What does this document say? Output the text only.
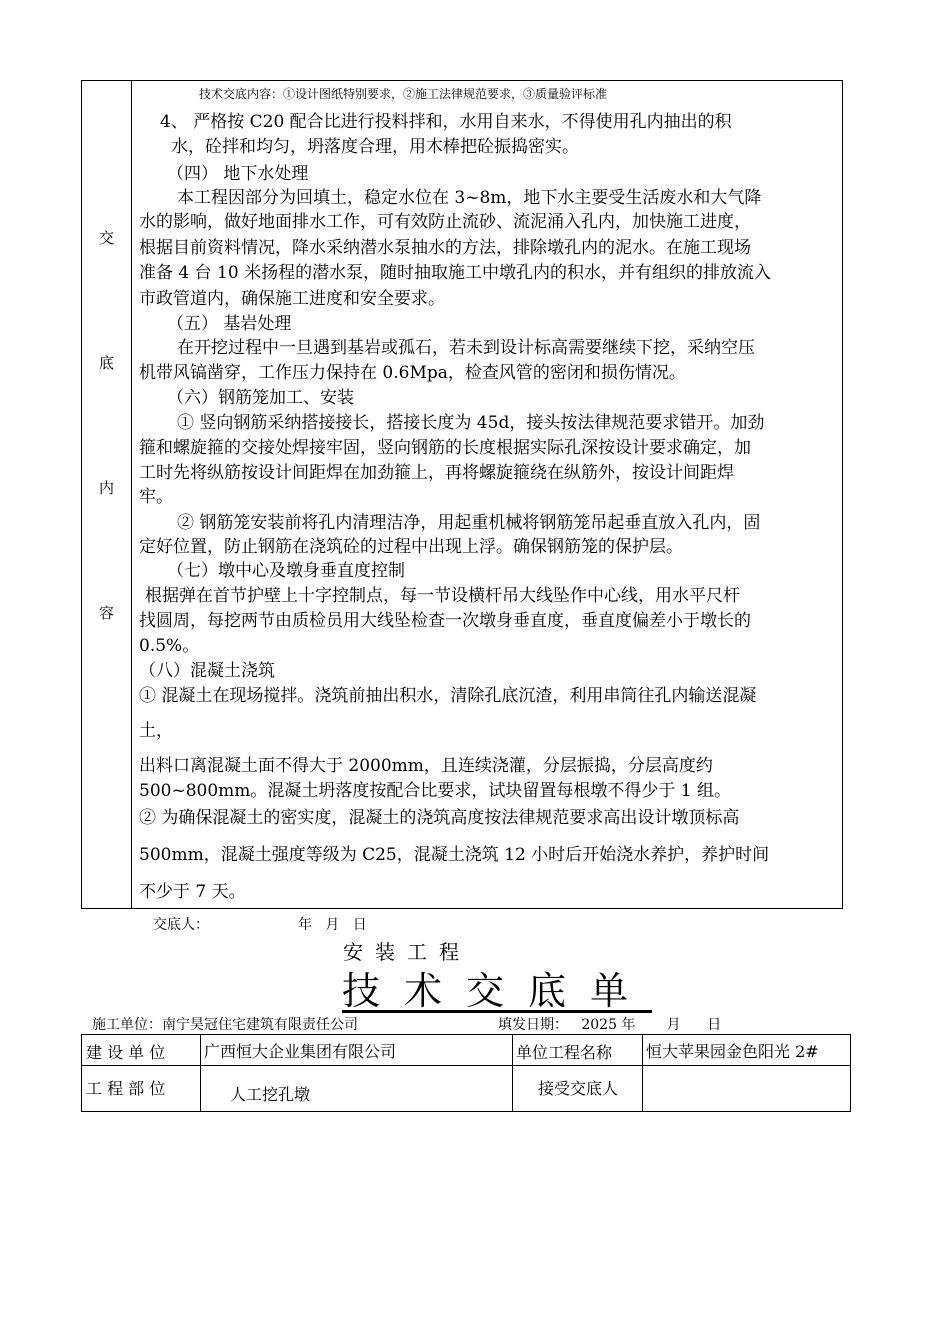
交
底
内
容
技术交底内容：①设计图纸特别要求，②施工法律规范要求，③质量验评标准
4、 严格按 C20 配合比进行投料拌和，水用自来水，不得使用孔内抽出的积
水，砼拌和均匀，坍落度合理，用木棒把砼振捣密实。
（四） 地下水处理
本工程因部分为回填土，稳定水位在 3~8m，地下水主要受生活废水和大气降
水的影响，做好地面排水工作，可有效防止流砂、流泥涌入孔内，加快施工进度，
根据目前资料情况，降水采纳潜水泵抽水的方法，排除墩孔内的泥水。在施工现场
准备 4 台 10 米扬程的潜水泵，随时抽取施工中墩孔内的积水，并有组织的排放流入
市政管道内，确保施工进度和安全要求。
（五） 基岩处理
在开挖过程中一旦遇到基岩或孤石，若未到设计标高需要继续下挖，采纳空压
机带风镐凿穿，工作压力保持在 0.6Mpa，检查风管的密闭和损伤情况。
（六）钢筋笼加工、安装
① 竖向钢筋采纳搭接接长，搭接长度为 45d，接头按法律规范要求错开。加劲
箍和螺旋箍的交接处焊接牢固，竖向钢筋的长度根据实际孔深按设计要求确定，加
工时先将纵筋按设计间距焊在加劲箍上，再将螺旋箍绕在纵筋外，按设计间距焊
牢。
② 钢筋笼安装前将孔内清理洁净，用起重机械将钢筋笼吊起垂直放入孔内，固
定好位置，防止钢筋在浇筑砼的过程中出现上浮。确保钢筋笼的保护层。
（七）墩中心及墩身垂直度控制
根据弹在首节护壁上十字控制点，每一节设横杆吊大线坠作中心线，用水平尺杆
找圆周，每挖两节由质检员用大线坠检查一次墩身垂直度，垂直度偏差小于墩长的
0.5%。
（八）混凝土浇筑
① 混凝土在现场搅拌。浇筑前抽出积水，清除孔底沉渣，利用串筒往孔内输送混凝
土，
出料口离混凝土面不得大于 2000mm，且连续浇灌，分层振捣，分层高度约
500~800mm。混凝土坍落度按配合比要求，试块留置每根墩不得少于 1 组。
② 为确保混凝土的密实度，混凝土的浇筑高度按法律规范要求高出设计墩顶标高
500mm，混凝土强度等级为 C25，混凝土浇筑 12 小时后开始浇水养护，养护时间
不少于 7 天。
交底人：	年   月   日
安装工程
技术交底单
施工单位：南宁昊冠住宅建筑有限责任公司	填发日期：   2025 年       月      日
建 设 单 位 广西恒大企业集团有限公司	单位工程名称 恒大苹果园金色阳光 2#
工 程 部 位	人工挖孔墩	接受交底人
